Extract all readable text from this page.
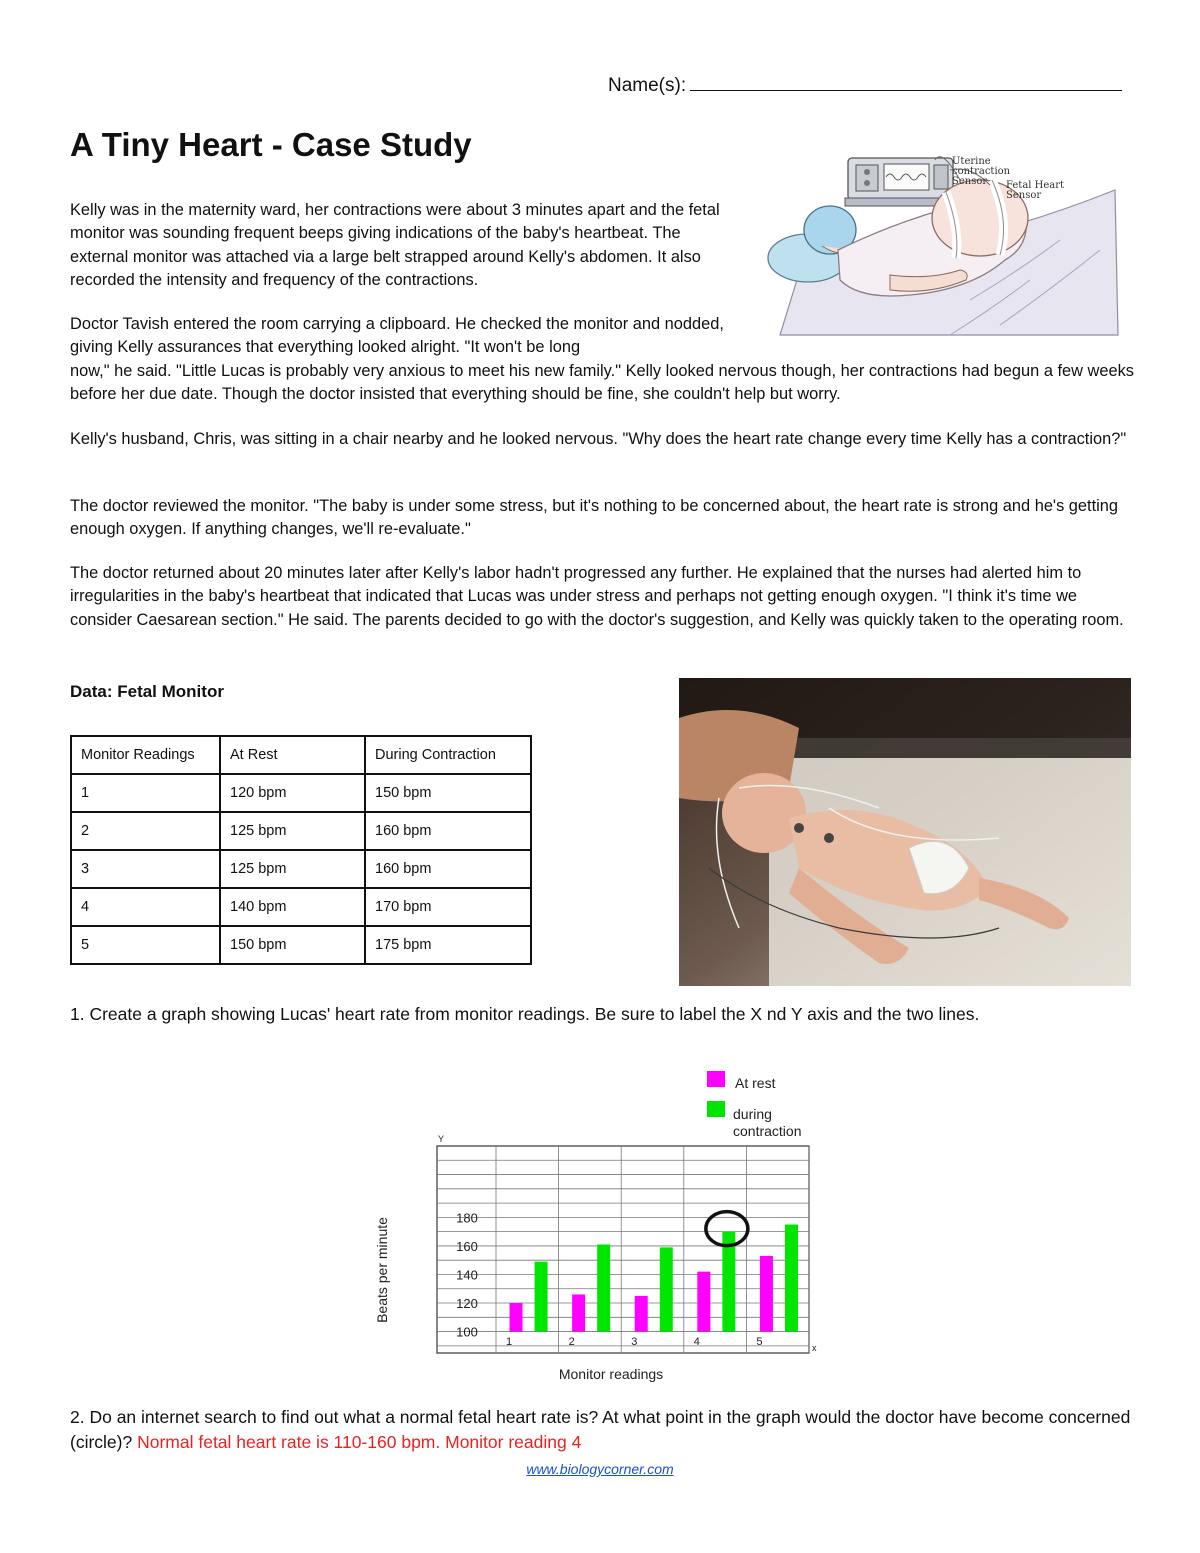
Name(s):
A Tiny Heart - Case Study	Uterine
contraction
Sensor Fetal Heart
Sensor

Kelly was in the maternity ward, her contractions were about 3 minutes apart and the fetal monitor was sounding frequent beeps giving indications of the baby's heartbeat. The external monitor was attached via a large belt strapped around Kelly's abdomen. It also recorded the intensity and frequency of the contractions.

Doctor Tavish entered the room carrying a clipboard. He checked the monitor and nodded, giving Kelly assurances that everything looked alright. "It won't be long

now," he said. "Little Lucas is probably very anxious to meet his new family." Kelly looked nervous though, her contractions had begun a few weeks before her due date. Though the doctor insisted that everything should be fine, she couldn't help but worry.

Kelly's husband, Chris, was sitting in a chair nearby and he looked nervous. "Why does the heart rate change every time Kelly has a contraction?"

The doctor reviewed the monitor. "The baby is under some stress, but it's nothing to be concerned about, the heart rate is strong and he's getting enough oxygen. If anything changes, we'll re-evaluate."

The doctor returned about 20 minutes later after Kelly's labor hadn't progressed any further. He explained that the nurses had alerted him to irregularities in the baby's heartbeat that indicated that Lucas was under stress and perhaps not getting enough oxygen. "I think it's time we consider Caesarean section." He said. The parents decided to go with the doctor's suggestion, and Kelly was quickly taken to the operating room.

Data: Fetal Monitor
Monitor Readings	At Rest	During Contraction
1	120 bpm	150 bpm
2	125 bpm	160 bpm
3	125 bpm	160 bpm
4	140 bpm	170 bpm
5	150 bpm	175 bpm

1. Create a graph showing Lucas' heart rate from monitor readings. Be sure to label the X nd Y axis and the two lines.

At rest
during
contraction
100
120
140
160
180
1	2	3	4	5
Y
x
Monitor readings
Beats per minute

2. Do an internet search to find out what a normal fetal heart rate is? At what point in the graph would the doctor have become concerned (circle)? Normal fetal heart rate is 110-160 bpm. Monitor reading 4

www.biologycorner.com
